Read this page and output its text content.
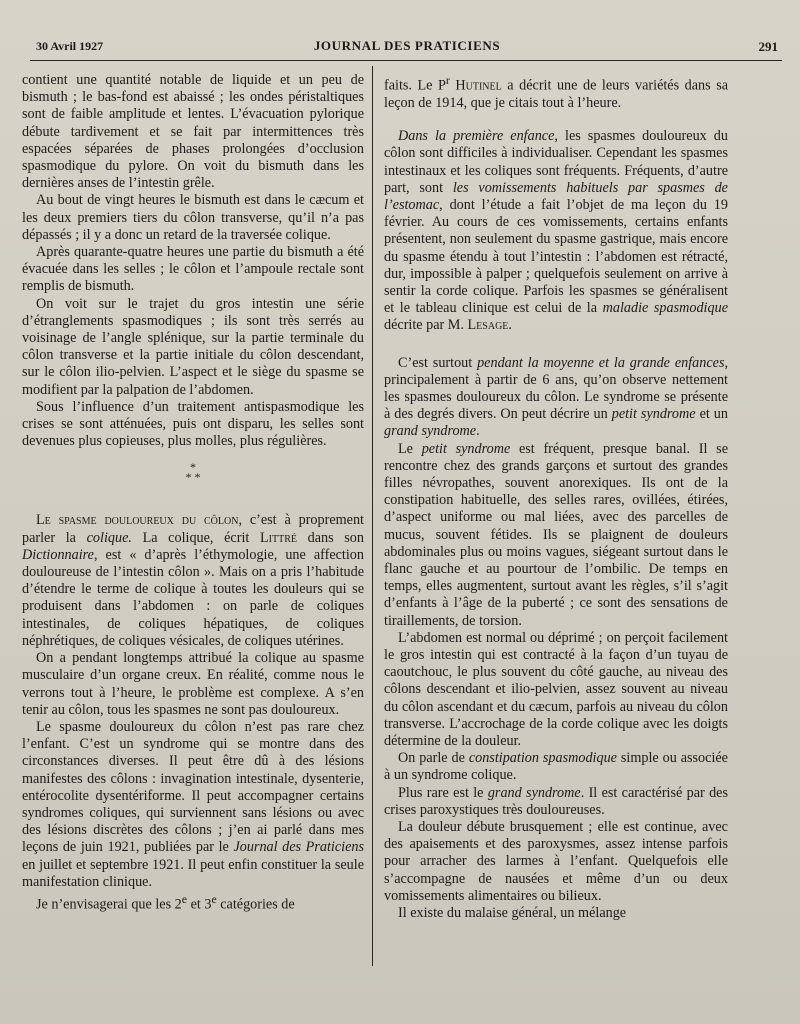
30 Avril 1927	JOURNAL DES PRATICIENS	291

contient une quantité notable de liquide et un peu de bismuth ; le bas-fond est abaissé ; les ondes péristaltiques sont de faible amplitude et lentes. L’évacuation pylorique débute tardivement et se fait par intermittences très espacées séparées de phases prolongées d’occlusion spasmodique du pylore. On voit du bismuth dans les dernières anses de l’intestin grêle.

Au bout de vingt heures le bismuth est dans le cæcum et les deux premiers tiers du côlon transverse, qu’il n’a pas dépassés ; il y a donc un retard de la traversée colique.

Après quarante-quatre heures une partie du bismuth a été évacuée dans les selles ; le côlon et l’ampoule rectale sont remplis de bismuth.

On voit sur le trajet du gros intestin une série d’étranglements spasmodiques ; ils sont très serrés au voisinage de l’angle splénique, sur la partie terminale du côlon transverse et la partie initiale du côlon descendant, sur le côlon ilio-pelvien. L’aspect et le siège du spasme se modifient par la palpation de l’abdomen.

Sous l’influence d’un traitement antispasmodique les crises se sont atténuées, puis ont disparu, les selles sont devenues plus copieuses, plus molles, plus régulières.

*
* *

Le spasme douloureux du côlon, c’est à proprement parler la colique. La colique, écrit Littré dans son Dictionnaire, est « d’après l’éthymologie, une affection douloureuse de l’intestin côlon ». Mais on a pris l’habitude d’étendre le terme de colique à toutes les douleurs qui se produisent dans l’abdomen : on parle de coliques intestinales, de coliques hépatiques, de coliques néphrétiques, de coliques vésicales, de coliques utérines.

On a pendant longtemps attribué la colique au spasme musculaire d’un organe creux. En réalité, comme nous le verrons tout à l’heure, le problème est complexe. A s’en tenir au côlon, tous les spasmes ne sont pas douloureux.

Le spasme douloureux du côlon n’est pas rare chez l’enfant. C’est un syndrome qui se montre dans des circonstances diverses. Il peut être dû à des lésions manifestes des côlons : invagination intestinale, dysenterie, entérocolite dysentériforme. Il peut accompagner certains syndromes coliques, qui surviennent sans lésions ou avec des lésions discrètes des côlons ; j’en ai parlé dans mes leçons de juin 1921, publiées par le Journal des Praticiens en juillet et septembre 1921. Il peut enfin constituer la seule manifestation clinique.

Je n’envisagerai que les 2e et 3e catégories de

faits. Le $P^r$ Hutinel a décrit une de leurs variétés dans sa leçon de 1914, que je citais tout à l’heure.

Dans la première enfance, les spasmes douloureux du côlon sont difficiles à individualiser. Cependant les spasmes intestinaux et les coliques sont fréquents. Fréquents, d’autre part, sont les vomissements habituels par spasmes de l’estomac, dont l’étude a fait l’objet de ma leçon du 19 février. Au cours de ces vomissements, certains enfants présentent, non seulement du spasme gastrique, mais encore du spasme étendu à tout l’intestin : l’abdomen est rétracté, dur, impossible à palper ; quelquefois seulement on arrive à sentir la corde colique. Parfois les spasmes se généralisent et le tableau clinique est celui de la maladie spasmodique décrite par M. Lesage.

C’est surtout pendant la moyenne et la grande enfances, principalement à partir de 6 ans, qu’on observe nettement les spasmes douloureux du côlon. Le syndrome se présente à des degrés divers. On peut décrire un petit syndrome et un grand syndrome.

Le petit syndrome est fréquent, presque banal. Il se rencontre chez des grands garçons et surtout des grandes filles névropathes, souvent anorexiques. Ils ont de la constipation habituelle, des selles rares, ovillées, étirées, d’aspect uniforme ou mal liées, avec des parcelles de mucus, souvent fétides. Ils se plaignent de douleurs abdominales plus ou moins vagues, siégeant surtout dans le flanc gauche et au pourtour de l’ombilic. De temps en temps, elles augmentent, surtout avant les règles, s’il s’agit d’enfants à l’âge de la puberté ; ce sont des sensations de tiraillements, de torsion.

L’abdomen est normal ou déprimé ; on perçoit facilement le gros intestin qui est contracté à la façon d’un tuyau de caoutchouc, le plus souvent du côté gauche, au niveau des côlons descendant et ilio-pelvien, assez souvent au niveau du côlon ascendant et du cæcum, parfois au niveau du côlon transverse. L’accrochage de la corde colique avec les doigts détermine de la douleur.

On parle de constipation spasmodique simple ou associée à un syndrome colique.

Plus rare est le grand syndrome. Il est caractérisé par des crises paroxystiques très douloureuses.

La douleur débute brusquement ; elle est continue, avec des apaisements et des paroxysmes, assez intense parfois pour arracher des larmes à l’enfant. Quelquefois elle s’accompagne de nausées et même d’un ou deux vomissements alimentaires ou bilieux.

Il existe du malaise général, un mélange
